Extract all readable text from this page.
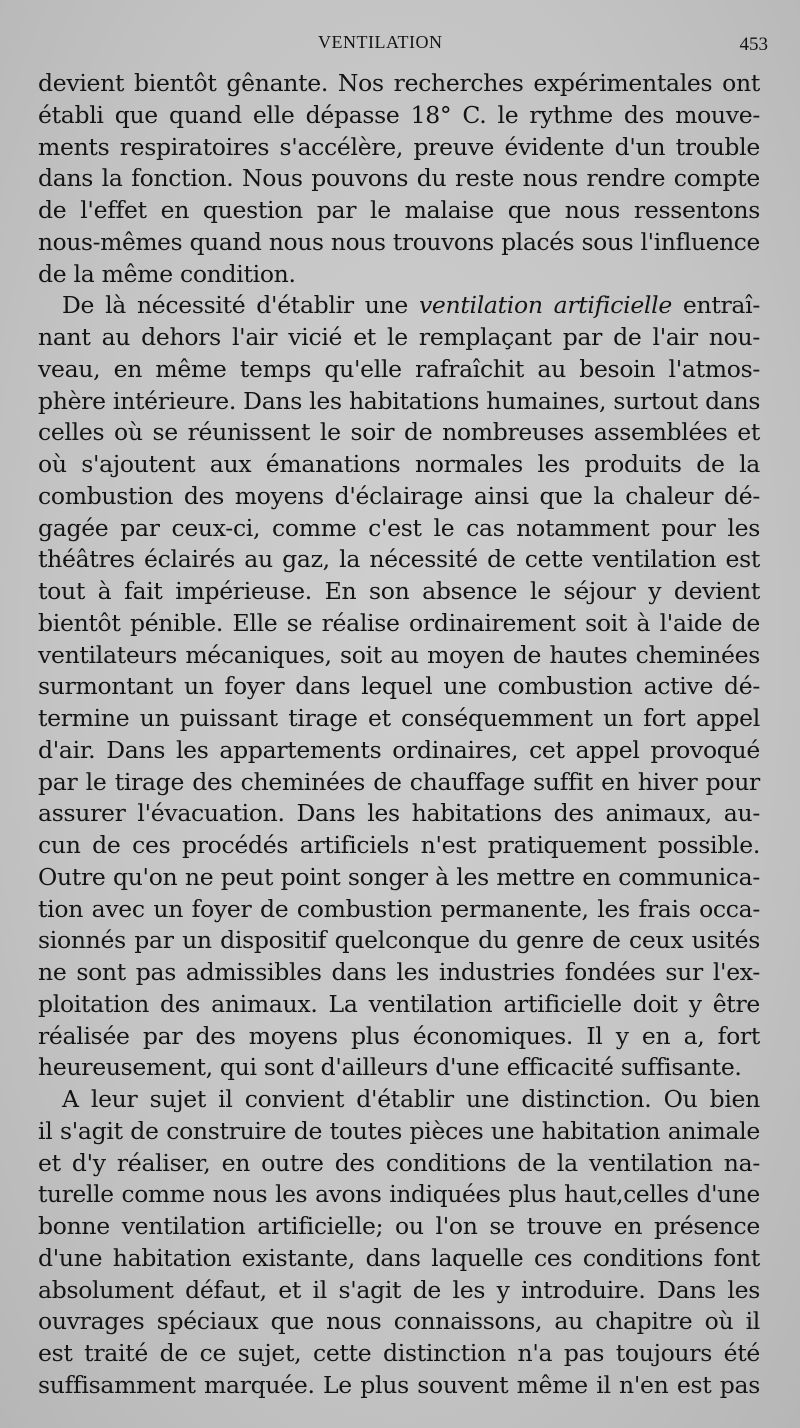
VENTILATION	453
devient bientôt gênante. Nos recherches expérimentales ont
établi que quand elle dépasse 18° C. le rythme des mouve-
ments respiratoires s'accélère, preuve évidente d'un trouble
dans la fonction. Nous pouvons du reste nous rendre compte
de l'effet en question par le malaise que nous ressentons
nous-mêmes quand nous nous trouvons placés sous l'influence
de la même condition.
De là nécessité d'établir une ventilation artificielle entraî-
nant au dehors l'air vicié et le remplaçant par de l'air nou-
veau, en même temps qu'elle rafraîchit au besoin l'atmos-
phère intérieure. Dans les habitations humaines, surtout dans
celles où se réunissent le soir de nombreuses assemblées et
où s'ajoutent aux émanations normales les produits de la
combustion des moyens d'éclairage ainsi que la chaleur dé-
gagée par ceux-ci, comme c'est le cas notamment pour les
théâtres éclairés au gaz, la nécessité de cette ventilation est
tout à fait impérieuse. En son absence le séjour y devient
bientôt pénible. Elle se réalise ordinairement soit à l'aide de
ventilateurs mécaniques, soit au moyen de hautes cheminées
surmontant un foyer dans lequel une combustion active dé-
termine un puissant tirage et conséquemment un fort appel
d'air. Dans les appartements ordinaires, cet appel provoqué
par le tirage des cheminées de chauffage suffit en hiver pour
assurer l'évacuation. Dans les habitations des animaux, au-
cun de ces procédés artificiels n'est pratiquement possible.
Outre qu'on ne peut point songer à les mettre en communica-
tion avec un foyer de combustion permanente, les frais occa-
sionnés par un dispositif quelconque du genre de ceux usités
ne sont pas admissibles dans les industries fondées sur l'ex-
ploitation des animaux. La ventilation artificielle doit y être
réalisée par des moyens plus économiques. Il y en a, fort
heureusement, qui sont d'ailleurs d'une efficacité suffisante.
A leur sujet il convient d'établir une distinction. Ou bien
il s'agit de construire de toutes pièces une habitation animale
et d'y réaliser, en outre des conditions de la ventilation na-
turelle comme nous les avons indiquées plus haut,celles d'une
bonne ventilation artificielle; ou l'on se trouve en présence
d'une habitation existante, dans laquelle ces conditions font
absolument défaut, et il s'agit de les y introduire. Dans les
ouvrages spéciaux que nous connaissons, au chapitre où il
est traité de ce sujet, cette distinction n'a pas toujours été
suffisamment marquée. Le plus souvent même il n'en est pas
